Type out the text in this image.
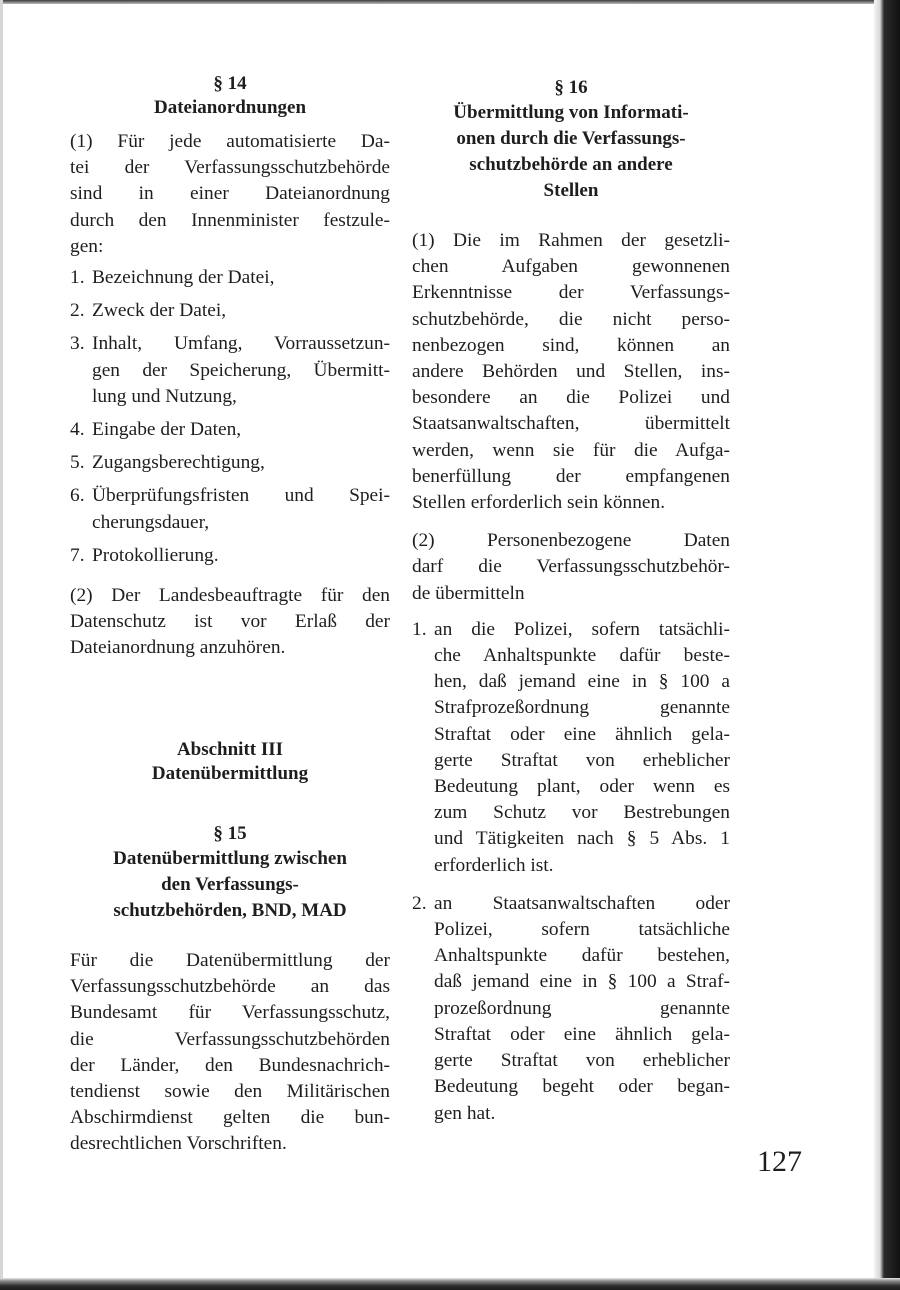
§ 14

Dateianordnungen

(1) Für jede automatisierte Da-
tei der Verfassungsschutzbehörde
sind in einer Dateianordnung
durch den Innenminister festzule-
gen:

1. Bezeichnung der Datei,
2. Zweck der Datei,
3. Inhalt, Umfang, Vorraussetzun-
gen der Speicherung, Übermitt-
lung und Nutzung,
4. Eingabe der Daten,
5. Zugangsberechtigung,
6. Überprüfungsfristen und Spei-
cherungsdauer,
7. Protokollierung.

(2) Der Landesbeauftragte für den
Datenschutz ist vor Erlaß der
Dateianordnung anzuhören.

Abschnitt III

Datenübermittlung

§ 15

Datenübermittlung zwischen
den Verfassungs-
schutzbehörden, BND, MAD

Für die Datenübermittlung der
Verfassungsschutzbehörde an das
Bundesamt für Verfassungsschutz,
die Verfassungsschutzbehörden
der Länder, den Bundesnachrich-
tendienst sowie den Militärischen
Abschirmdienst gelten die bun-
desrechtlichen Vorschriften.

§ 16

Übermittlung von Informati-
onen durch die Verfassungs-
schutzbehörde an andere
Stellen

(1) Die im Rahmen der gesetzli-
chen Aufgaben gewonnenen
Erkenntnisse der Verfassungs-
schutzbehörde, die nicht perso-
nenbezogen sind, können an
andere Behörden und Stellen, ins-
besondere an die Polizei und
Staatsanwaltschaften, übermittelt
werden, wenn sie für die Aufga-
benerfüllung der empfangenen
Stellen erforderlich sein können.

(2) Personenbezogene Daten
darf die Verfassungsschutzbehör-
de übermitteln

1. an die Polizei, sofern tatsächli-
che Anhaltspunkte dafür beste-
hen, daß jemand eine in § 100 a
Strafprozeßordnung genannte
Straftat oder eine ähnlich gela-
gerte Straftat von erheblicher
Bedeutung plant, oder wenn es
zum Schutz vor Bestrebungen
und Tätigkeiten nach § 5 Abs. 1
erforderlich ist.
2. an Staatsanwaltschaften oder
Polizei, sofern tatsächliche
Anhaltspunkte dafür bestehen,
daß jemand eine in § 100 a Straf-
prozeßordnung genannte
Straftat oder eine ähnlich gela-
gerte Straftat von erheblicher
Bedeutung begeht oder began-
gen hat.
127
